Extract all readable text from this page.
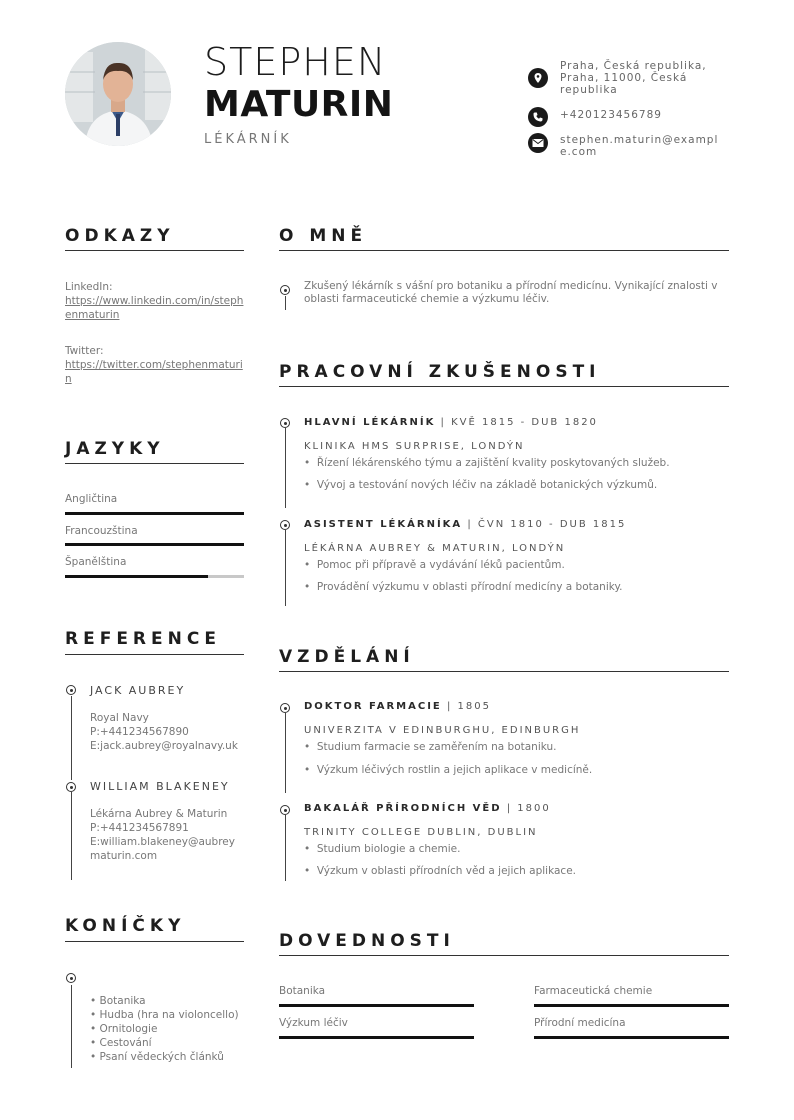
STEPHEN
MATURIN
LÉKÁRNÍK
Praha, Česká republika, Praha, 11000, Česká republika
+420123456789
stephen.maturin@example.com
ODKAZY
LinkedIn:
https://www.linkedin.com/in/stephenmaturin
Twitter:
https://twitter.com/stephenmaturin
JAZYKY
Angličtina
Francouzština
Španělština
REFERENCE
JACK AUBREY
Royal Navy
P:+441234567890
E:jack.aubrey@royalnavy.uk
WILLIAM BLAKENEY
Lékárna Aubrey & Maturin
P:+441234567891
E:william.blakeney@aubreymaturin.com
KONÍČKY
• Botanika
• Hudba (hra na violoncello)
• Ornitologie
• Cestování
• Psaní vědeckých článků
O MNĚ
Zkušený lékárník s vášní pro botaniku a přírodní medicínu. Vynikající znalosti v oblasti farmaceutické chemie a výzkumu léčiv.
PRACOVNÍ ZKUŠENOSTI
HLAVNÍ LÉKÁRNÍK | KVĚ 1815 - DUB 1820
KLINIKA HMS SURPRISE, LONDÝN
•  Řízení lékárenského týmu a zajištění kvality poskytovaných služeb.
•  Vývoj a testování nových léčiv na základě botanických výzkumů.
ASISTENT LÉKÁRNÍKA | ČVN 1810 - DUB 1815
LÉKÁRNA AUBREY & MATURIN, LONDÝN
•  Pomoc při přípravě a vydávání léků pacientům.
•  Provádění výzkumu v oblasti přírodní medicíny a botaniky.
VZDĚLÁNÍ
DOKTOR FARMACIE | 1805
UNIVERZITA V EDINBURGHU, EDINBURGH
•  Studium farmacie se zaměřením na botaniku.
•  Výzkum léčivých rostlin a jejich aplikace v medicíně.
BAKALÁŘ PŘÍRODNÍCH VĚD | 1800
TRINITY COLLEGE DUBLIN, DUBLIN
•  Studium biologie a chemie.
•  Výzkum v oblasti přírodních věd a jejich aplikace.
DOVEDNOSTI
Botanika	Farmaceutická chemie
Výzkum léčiv	Přírodní medicína
